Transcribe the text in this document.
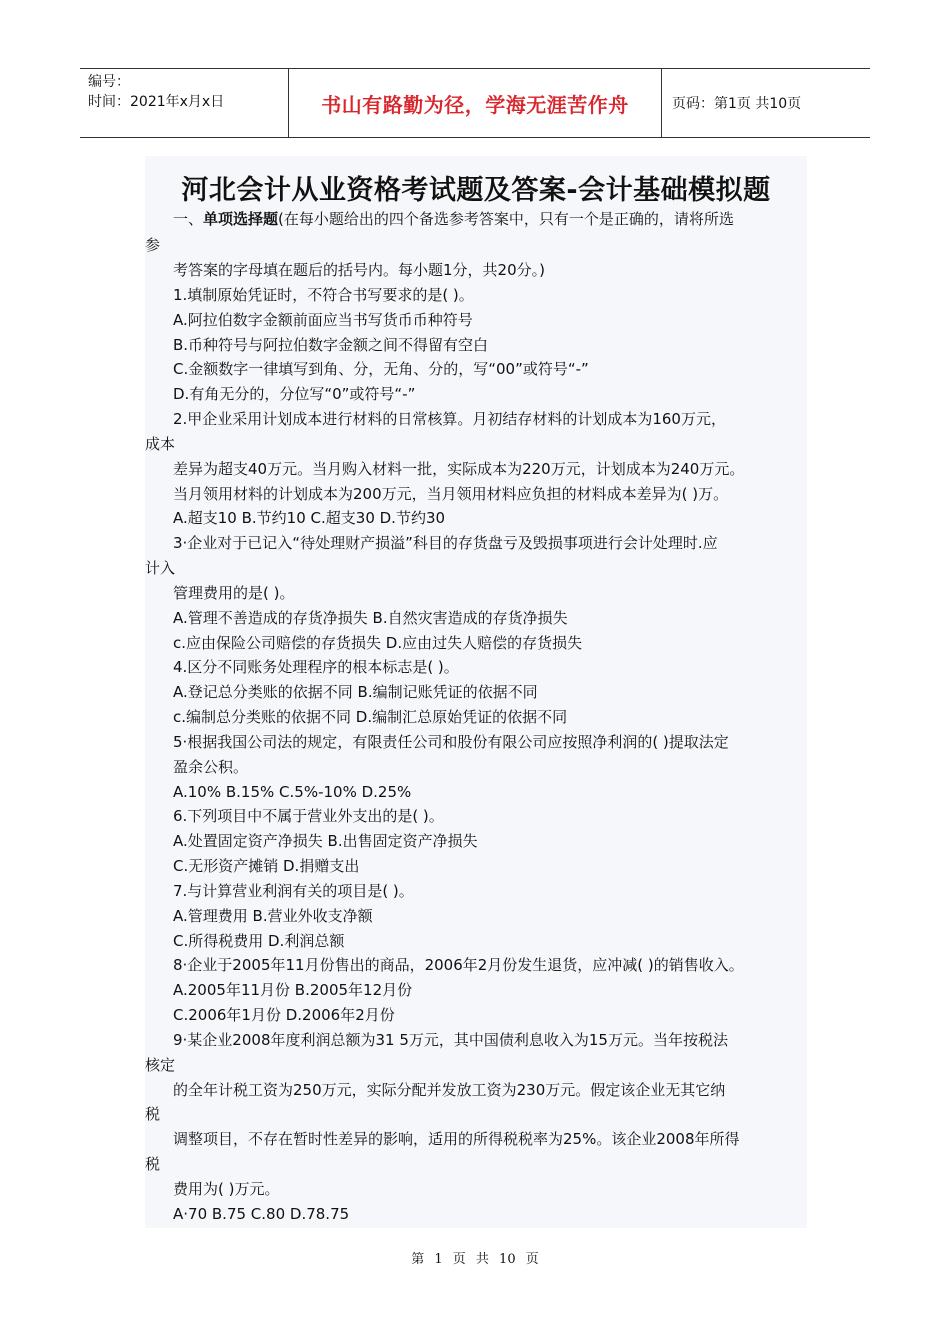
编号：
时间：2021年x月x日	书山有路勤为径，学海无涯苦作舟	页码：第1页 共10页
河北会计从业资格考试题及答案-会计基础模拟题
一、单项选择题(在每小题给出的四个备选参考答案中，只有一个是正确的，请将所选
参
考答案的字母填在题后的括号内。每小题1分，共20分。)
1.填制原始凭证时，不符合书写要求的是( )。
A.阿拉伯数字金额前面应当书写货币币种符号
B.币种符号与阿拉伯数字金额之间不得留有空白
C.金额数字一律填写到角、分，无角、分的，写“00”或符号“-”
D.有角无分的，分位写“0”或符号“-”
2.甲企业采用计划成本进行材料的日常核算。月初结存材料的计划成本为160万元，
成本
差异为超支40万元。当月购入材料一批，实际成本为220万元，计划成本为240万元。
当月领用材料的计划成本为200万元，当月领用材料应负担的材料成本差异为( )万。
A.超支10 B.节约10 C.超支30 D.节约30
3·企业对于已记入“待处理财产损溢”科目的存货盘亏及毁损事项进行会计处理时.应
计入
管理费用的是( )。
A.管理不善造成的存货净损失 B.自然灾害造成的存货净损失
c.应由保险公司赔偿的存货损失 D.应由过失人赔偿的存货损失
4.区分不同账务处理程序的根本标志是( )。
A.登记总分类账的依据不同 B.编制记账凭证的依据不同
c.编制总分类账的依据不同 D.编制汇总原始凭证的依据不同
5·根据我国公司法的规定，有限责任公司和股份有限公司应按照净利润的( )提取法定
盈余公积。
A.10% B.15% C.5%-10% D.25%
6.下列项目中不属于营业外支出的是( )。
A.处置固定资产净损失 B.出售固定资产净损失
C.无形资产摊销 D.捐赠支出
7.与计算营业利润有关的项目是( )。
A.管理费用 B.营业外收支净额
C.所得税费用 D.利润总额
8·企业于2005年11月份售出的商品，2006年2月份发生退货，应冲减( )的销售收入。
A.2005年11月份 B.2005年12月份
C.2006年1月份 D.2006年2月份
9·某企业2008年度利润总额为31 5万元，其中国债利息收入为15万元。当年按税法
核定
的全年计税工资为250万元，实际分配并发放工资为230万元。假定该企业无其它纳
税
调整项目，不存在暂时性差异的影响，适用的所得税税率为25%。该企业2008年所得
税
费用为( )万元。
A·70 B.75 C.80 D.78.75
第 1 页 共 10 页
